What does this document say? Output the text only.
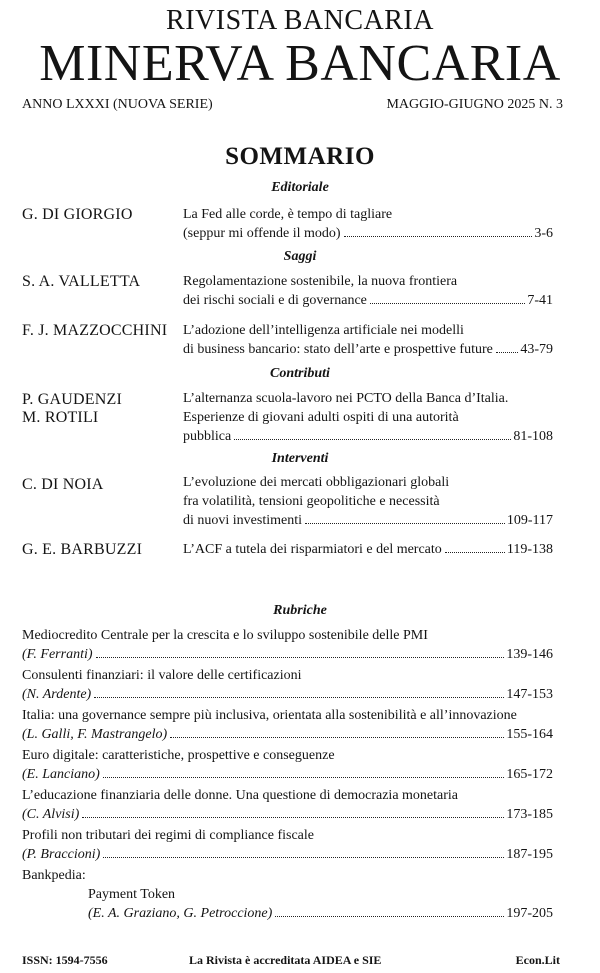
RIVISTA BANCARIA
MINERVA BANCARIA
ANNO LXXXI (NUOVA SERIE)	MAGGIO-GIUGNO 2025 N. 3
SOMMARIO
Editoriale
G. DI GIORGIO	La Fed alle corde, è tempo di tagliare
(seppur mi offende il modo)	3-6
Saggi
S. A. VALLETTA	Regolamentazione sostenibile, la nuova frontiera
dei rischi sociali e di governance	7-41
F. J. MAZZOCCHINI L’adozione dell’intelligenza artificiale nei modelli
di business bancario: stato dell’arte e prospettive future 43-79
Contributi
P. GAUDENZI
M. ROTILI
L’alternanza scuola-lavoro nei PCTO della Banca d’Italia.
Esperienze di giovani adulti ospiti di una autorità
pubblica	81-108
Interventi
C. DI NOIA	L’evoluzione dei mercati obbligazionari globali
fra volatilità, tensioni geopolitiche e necessità
di nuovi investimenti	109-117
G. E. BARBUZZI	L’ACF a tutela dei risparmiatori e del mercato	119-138
Rubriche
Mediocredito Centrale per la crescita e lo sviluppo sostenibile delle PMI
(F. Ferranti)	139-146
Consulenti finanziari: il valore delle certificazioni
(N. Ardente)	147-153
Italia: una governance sempre più inclusiva, orientata alla sostenibilità e all’innovazione
(L. Galli, F. Mastrangelo)	155-164
Euro digitale: caratteristiche, prospettive e conseguenze
(E. Lanciano)	165-172
L’educazione finanziaria delle donne. Una questione di democrazia monetaria
(C. Alvisi)	173-185
Profili non tributari dei regimi di compliance fiscale
(P. Braccioni)	187-195
Bankpedia:
Payment Token
(E. A. Graziano, G. Petroccione)	197-205
ISSN: 1594-7556	La Rivista è accreditata AIDEA e SIE	Econ.Lit
